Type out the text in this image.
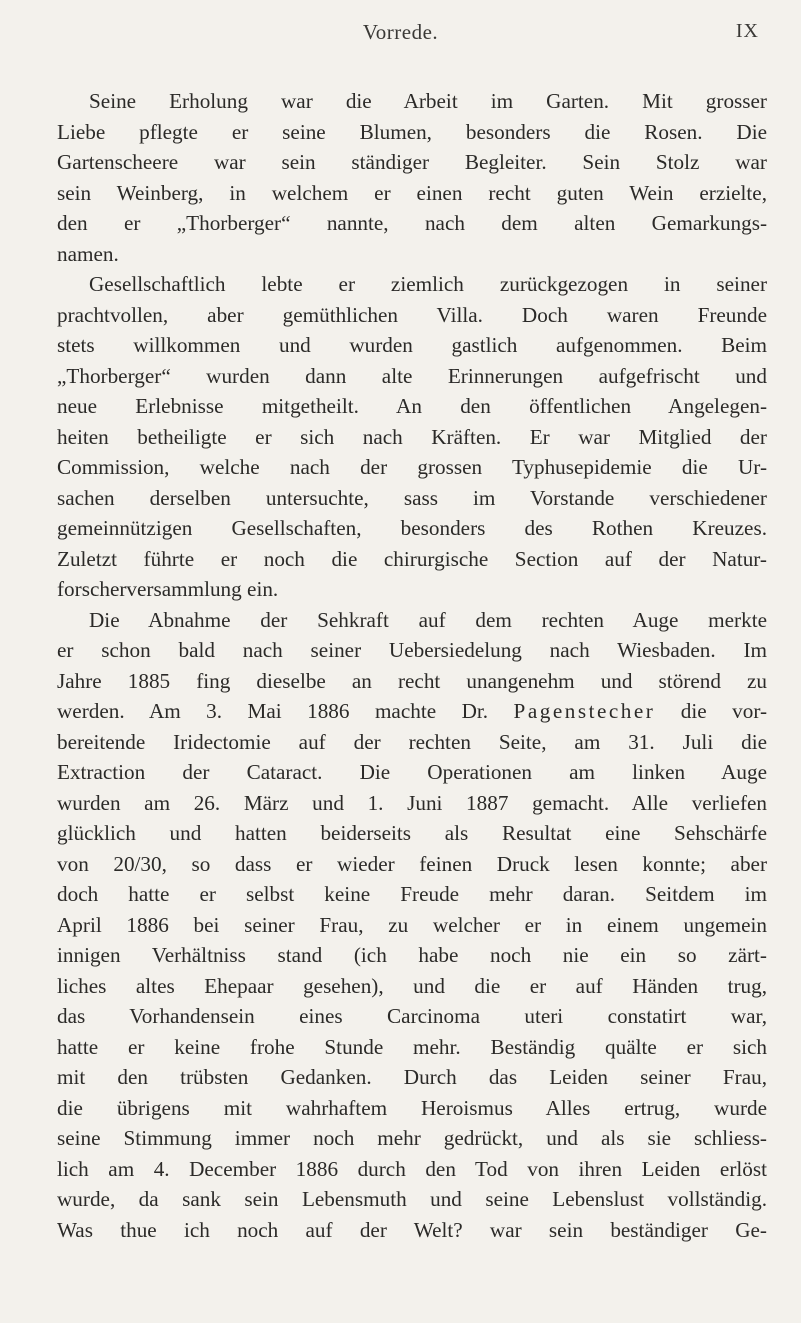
Vorrede.	IX
Seine Erholung war die Arbeit im Garten. Mit grosser
Liebe pflegte er seine Blumen, besonders die Rosen. Die
Gartenscheere war sein ständiger Begleiter. Sein Stolz war
sein Weinberg, in welchem er einen recht guten Wein erzielte,
den er „Thorberger“ nannte, nach dem alten Gemarkungs-
namen.
Gesellschaftlich lebte er ziemlich zurückgezogen in seiner
prachtvollen, aber gemüthlichen Villa. Doch waren Freunde
stets willkommen und wurden gastlich aufgenommen. Beim
„Thorberger“ wurden dann alte Erinnerungen aufgefrischt und
neue Erlebnisse mitgetheilt. An den öffentlichen Angelegen-
heiten betheiligte er sich nach Kräften. Er war Mitglied der
Commission, welche nach der grossen Typhusepidemie die Ur-
sachen derselben untersuchte, sass im Vorstande verschiedener
gemeinnützigen Gesellschaften, besonders des Rothen Kreuzes.
Zuletzt führte er noch die chirurgische Section auf der Natur-
forscherversammlung ein.
Die Abnahme der Sehkraft auf dem rechten Auge merkte
er schon bald nach seiner Uebersiedelung nach Wiesbaden. Im
Jahre 1885 fing dieselbe an recht unangenehm und störend zu
werden. Am 3. Mai 1886 machte Dr. Pagenstecher die vor-
bereitende Iridectomie auf der rechten Seite, am 31. Juli die
Extraction der Cataract. Die Operationen am linken Auge
wurden am 26. März und 1. Juni 1887 gemacht. Alle verliefen
glücklich und hatten beiderseits als Resultat eine Sehschärfe
von 20/30, so dass er wieder feinen Druck lesen konnte; aber
doch hatte er selbst keine Freude mehr daran. Seitdem im
April 1886 bei seiner Frau, zu welcher er in einem ungemein
innigen Verhältniss stand (ich habe noch nie ein so zärt-
liches altes Ehepaar gesehen), und die er auf Händen trug,
das Vorhandensein eines Carcinoma uteri constatirt war,
hatte er keine frohe Stunde mehr. Beständig quälte er sich
mit den trübsten Gedanken. Durch das Leiden seiner Frau,
die übrigens mit wahrhaftem Heroismus Alles ertrug, wurde
seine Stimmung immer noch mehr gedrückt, und als sie schliess-
lich am 4. December 1886 durch den Tod von ihren Leiden erlöst
wurde, da sank sein Lebensmuth und seine Lebenslust vollständig.
Was thue ich noch auf der Welt? war sein beständiger Ge-
